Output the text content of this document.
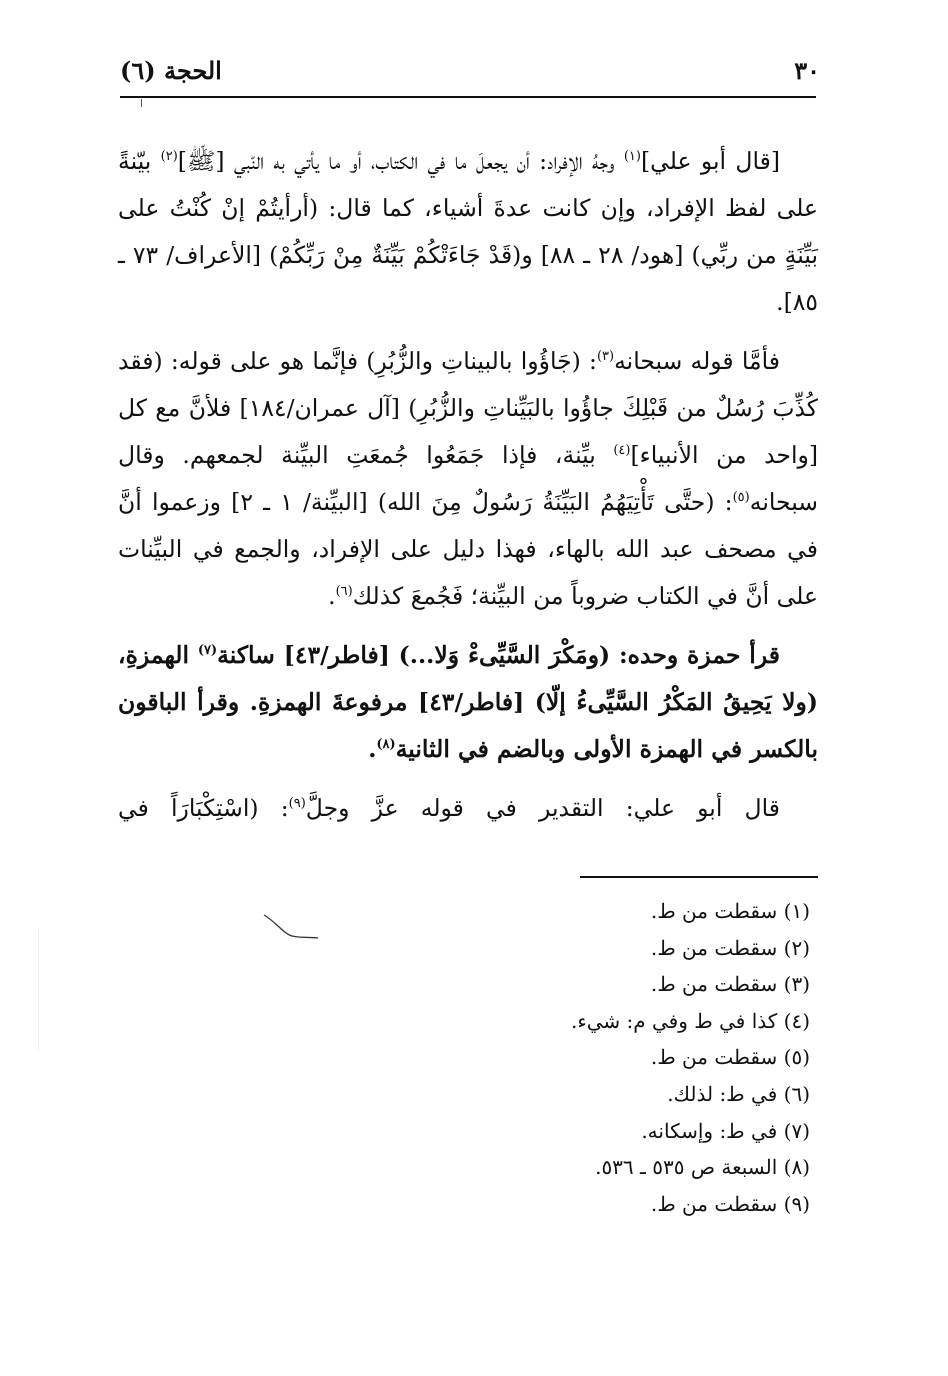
٣٠
الحجة (٦)

[قال أبو علي]$^{(١)}$ وجهُ الإفراد: أن يجعلَ ما في الكتاب، أو ما يأتي به النّبي [ﷺ]$^{(٢)}$ بيّنةً على لفظ الإفراد، وإن كانت عدةَ أشياء، كما قال: (أرأيتُمْ إنْ كُنْتُ على بَيِّنَةٍ من ربِّي) [هود/ ٢٨ ـ ٨٨] و(قَدْ جَاءَتْكُمْ بَيِّنَةٌ مِنْ رَبِّكُمْ) [الأعراف/ ٧٣ ـ ٨٥].

فأمَّا قوله سبحانه$^{(٣)}$: (جَاؤُوا بالبيناتِ والزُّبُرِ) فإنَّما هو على قوله: (فقد كُذِّبَ رُسُلٌ من قَبْلِكَ جاؤُوا بالبَيِّناتِ والزُّبُرِ) [آل عمران/١٨٤] فلأنَّ مع كل [واحد من الأنبياء]$^{(٤)}$ بيِّنة، فإذا جَمَعُوا جُمعَتِ البيِّنة لجمعهم. وقال سبحانه$^{(٥)}$: (حتَّى تَأْتِيَهُمُ البَيِّنَةُ رَسُولٌ مِنَ الله) [البيِّنة/ ١ ـ ٢] وزعموا أنَّ في مصحف عبد الله بالهاء، فهذا دليل على الإفراد، والجمع في البيِّنات على أنَّ في الكتاب ضروباً من البيِّنة؛ فَجُمعَ كذلك$^{(٦)}$.

قرأ حمزة وحده: (ومَكْرَ السَّيِّىءْ وَلا...) [فاطر/٤٣] ساكنة$^{(٧)}$ الهمزةِ، (ولا يَحِيقُ المَكْرُ السَّيِّىءُ إلّا) [فاطر/٤٣] مرفوعةَ الهمزةِ. وقرأ الباقون بالكسر في الهمزة الأولى وبالضم في الثانية$^{(٨)}$.

قال أبو علي: التقدير في قوله عزَّ وجلَّ$^{(٩)}$: (اسْتِكْبَارَاً في

(١) سقطت من ط.
(٢) سقطت من ط.
(٣) سقطت من ط.
(٤) كذا في ط وفي م: شيء.
(٥) سقطت من ط.
(٦) في ط: لذلك.
(٧) في ط: وإسكانه.
(٨) السبعة ص ٥٣٥ ـ ٥٣٦.
(٩) سقطت من ط.
